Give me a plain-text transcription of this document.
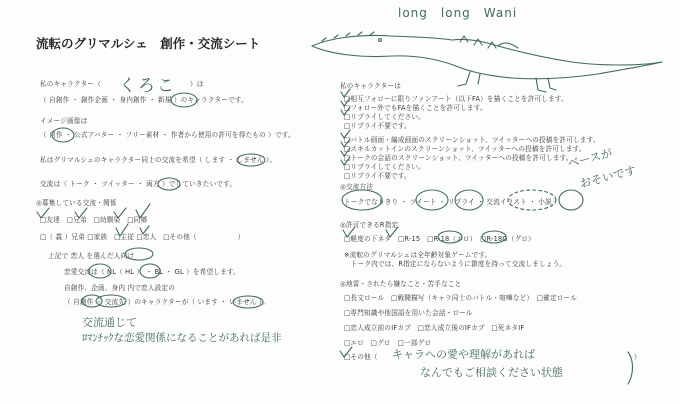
流転のグリマルシェ　創作・交流シート
私のキャラクター（ くろこ ）は
（ 自創作 ・ 創作企画 ・ 身内創作 ・ 新規 ）のキャラクターです。
イメージ画像は
（ 自作 ・ 公式アバター ・ フリー素材 ・ 作者から使用の許可を得たもの ）です。
私はグリマルシェのキャラクター同士の交流を希望（ します ・ しません ）。
交流は（ トーク ・ ツイッター ・ 両方 ）でしていきたいです。
◎募集している交流・関係
□友達　□兄弟　□幼馴染　□同郷
□（ 義 ）兄弟 □家族　□主従 □恋人　□その他（　　　　　　）
上記で 恋人 を選んだ人向け
恋愛交流は（ NL（ HL ） ・ BL ・ GL ）を希望します。
自創作、企画、身内 内で恋人設定の
（ 自創作 ・ 交流先 ）のキャラクターが（ います ・ いません ）。
交流通じて
ﾛﾏﾝﾁｯｸな恋愛関係になることがあれば是非
long　long　Wani
私のキャラクターは
□相互フォローに限りファンアート（以下FA）を描くことを許可します。
□フォロー外でもFAを描くことを許可します。
□リプライしてください。
□リプライ不要です。
□バトル画面・編成画面のスクリーンショット、ツイッターへの投稿を許可します。
□スキルカットインのスクリーンショット、ツイッターへの投稿を許可します。
□トークの会話のスクリーンショット、ツイッターへの投稿を許可します。
□リプライしてください。
□リプライ不要です。
ベースが
おそいです
◎交流方法
トークでなりきり ・ ツイート ・ リプライ ・ 交流イラスト ・ 小説
◎許可できるR指定
□軽度の下ネタ　□R-15　□R-18（エロ）　□R-18G（グロ）
※流転のグリマルシェは全年齢対象ゲームです。
　トーク内では、R指定にならないように節度を持って交流しましょう。
◎地雷・されたら嫌なこと・苦手なこと
□長文ロール　□戦闘描写（キャラ同士のバトル・喧嘩など）　□確定ロール
□専門知識や他国語を用いた会話・ロール
□恋人成立前のIFカプ　□恋人成立後のIFカプ　□死ネタIF
□エロ　□グロ　□一部グロ
□その他（	）
キャラへの愛や理解があれば
なんでもご相談ください状態
